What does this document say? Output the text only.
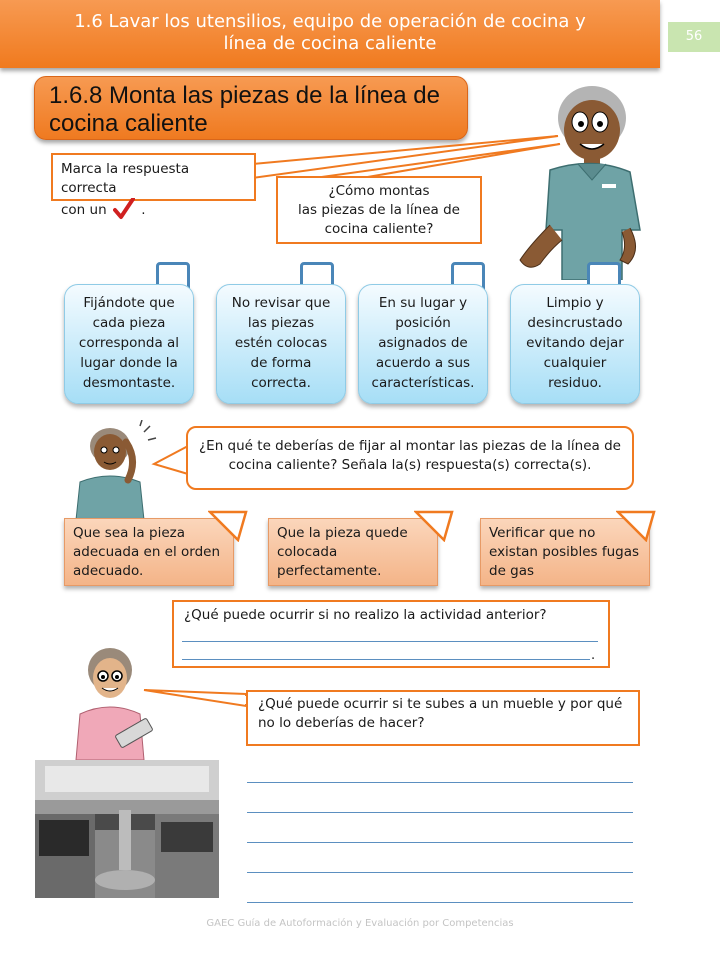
1.6 Lavar los utensilios, equipo de operación de cocina y
línea de cocina caliente	56
1.6.8 Monta las piezas de la línea de
cocina caliente
Marca la respuesta correcta
con un	.
¿Cómo montas
las piezas de la línea de
cocina caliente?
Fijándote que
cada pieza
corresponda al
lugar donde la
desmontaste.
No revisar que
las piezas
estén colocas
de forma
correcta.
En su lugar y
posición
asignados de
acuerdo a sus
características.
Limpio y
desincrustado
evitando dejar
cualquier
residuo.
¿En qué te deberías de fijar al montar las piezas de la línea de
cocina caliente? Señala la(s) respuesta(s) correcta(s).
Que sea la pieza
adecuada en el orden
adecuado.
Que la pieza quede
colocada
perfectamente.
Verificar que no
existan posibles fugas
de gas
¿Qué puede ocurrir si no realizo la actividad anterior?
.
¿Qué puede ocurrir si te subes a un mueble y por qué
no lo deberías de hacer?
GAEC Guía de Autoformación y Evaluación por Competencias
